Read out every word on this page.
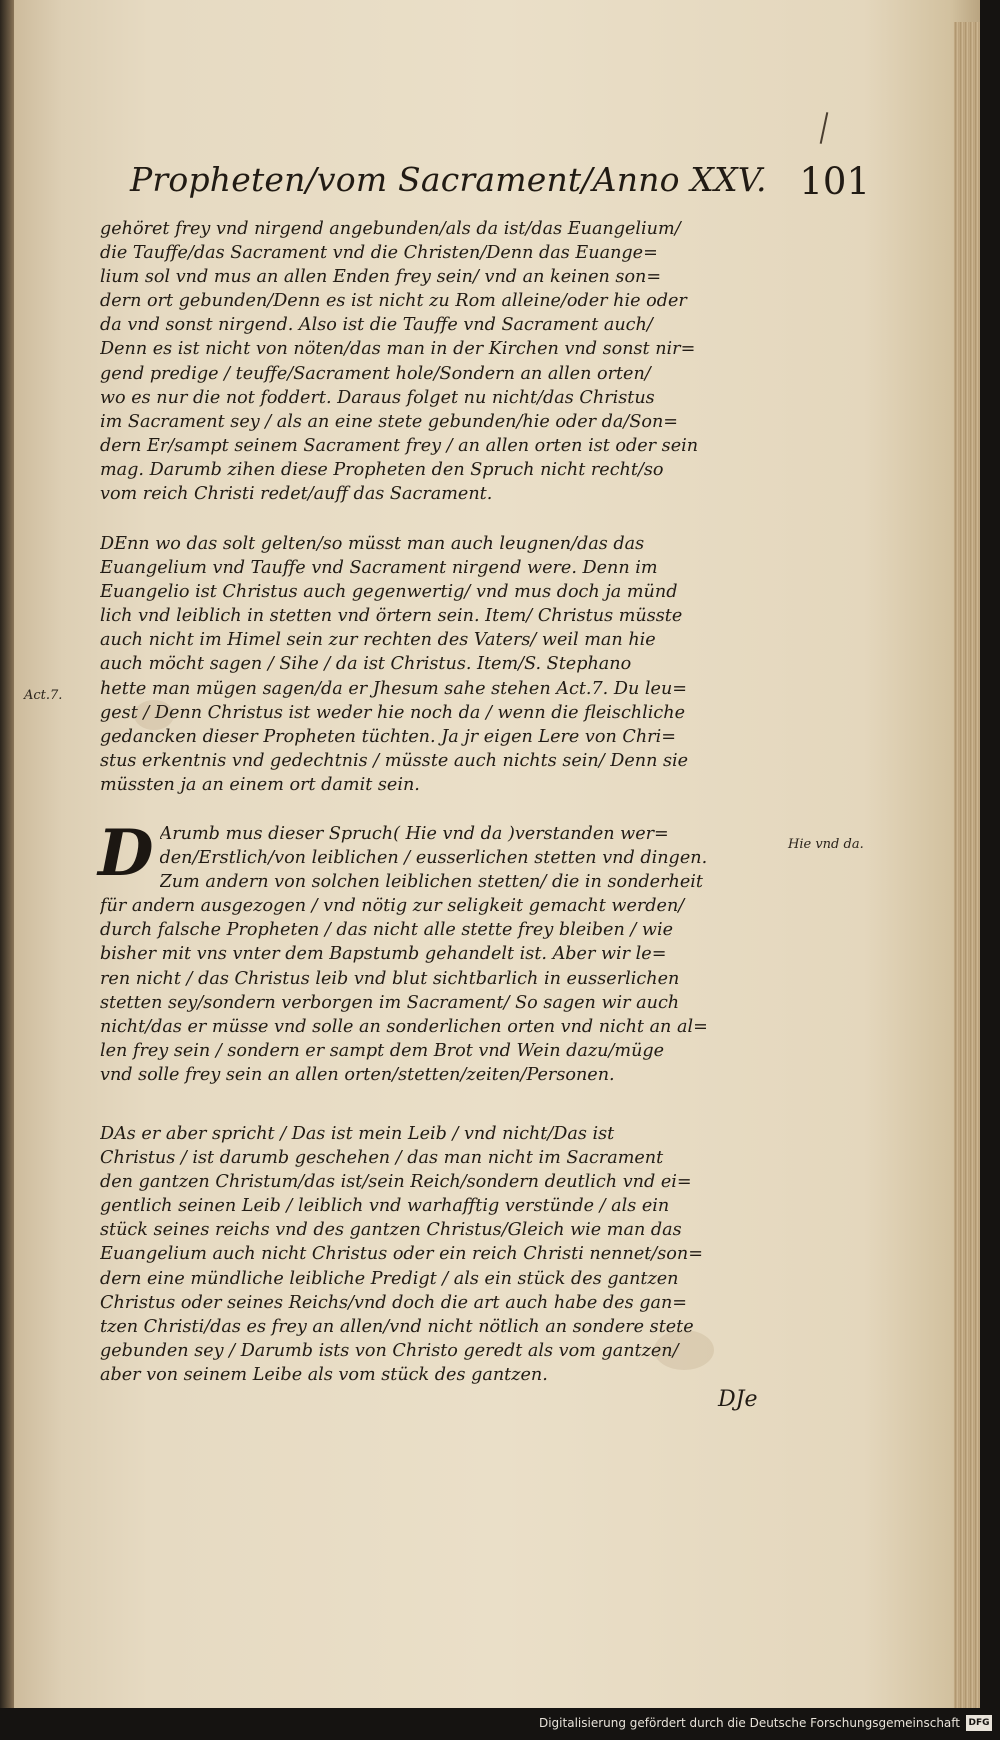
Propheten/vom Sacrament/Anno XXV. 101
gehöret frey vnd nirgend angebunden/als da ist/das Euangelium/
die Tauffe/das Sacrament vnd die Christen/Denn das Euange=
lium sol vnd mus an allen Enden frey sein/ vnd an keinen son=
dern ort gebunden/Denn es ist nicht zu Rom alleine/oder hie oder
da vnd sonst nirgend. Also ist die Tauffe vnd Sacrament auch/
Denn es ist nicht von nöten/das man in der Kirchen vnd sonst nir=
gend predige / teuffe/Sacrament hole/Sondern an allen orten/
wo es nur die not foddert. Daraus folget nu nicht/das Christus
im Sacrament sey / als an eine stete gebunden/hie oder da/Son=
dern Er/sampt seinem Sacrament frey / an allen orten ist oder sein
mag. Darumb zihen diese Propheten den Spruch nicht recht/so
vom reich Christi redet/auff das Sacrament.
DEnn wo das solt gelten/so müsst man auch leugnen/das das
Euangelium vnd Tauffe vnd Sacrament nirgend were. Denn im
Euangelio ist Christus auch gegenwertig/ vnd mus doch ja münd
lich vnd leiblich in stetten vnd örtern sein. Item/ Christus müsste
auch nicht im Himel sein zur rechten des Vaters/ weil man hie
auch möcht sagen / Sihe / da ist Christus. Item/S. Stephano
hette man mügen sagen/da er Jhesum sahe stehen Act.7. Du leu=
gest / Denn Christus ist weder hie noch da / wenn die fleischliche
gedancken dieser Propheten tüchten. Ja jr eigen Lere von Chri=
stus erkentnis vnd gedechtnis / müsste auch nichts sein/ Denn sie
müssten ja an einem ort damit sein.
D Arumb mus dieser Spruch( Hie vnd da )verstanden wer=
den/Erstlich/von leiblichen / eusserlichen stetten vnd dingen.
Zum andern von solchen leiblichen stetten/ die in sonderheit
für andern ausgezogen / vnd nötig zur seligkeit gemacht werden/
durch falsche Propheten / das nicht alle stette frey bleiben / wie
bisher mit vns vnter dem Bapstumb gehandelt ist. Aber wir le=
ren nicht / das Christus leib vnd blut sichtbarlich in eusserlichen
stetten sey/sondern verborgen im Sacrament/ So sagen wir auch
nicht/das er müsse vnd solle an sonderlichen orten vnd nicht an al=
len frey sein / sondern er sampt dem Brot vnd Wein dazu/müge
vnd solle frey sein an allen orten/stetten/zeiten/Personen.
DAs er aber spricht / Das ist mein Leib / vnd nicht/Das ist
Christus / ist darumb geschehen / das man nicht im Sacrament
den gantzen Christum/das ist/sein Reich/sondern deutlich vnd ei=
gentlich seinen Leib / leiblich vnd warhafftig verstünde / als ein
stück seines reichs vnd des gantzen Christus/Gleich wie man das
Euangelium auch nicht Christus oder ein reich Christi nennet/son=
dern eine mündliche leibliche Predigt / als ein stück des gantzen
Christus oder seines Reichs/vnd doch die art auch habe des gan=
tzen Christi/das es frey an allen/vnd nicht nötlich an sondere stete
gebunden sey / Darumb ists von Christo geredt als vom gantzen/
aber von seinem Leibe als vom stück des gantzen.
Act.7.
Hie vnd da.
DJe
Digitalisierung gefördert durch die Deutsche Forschungsgemeinschaft DFG
